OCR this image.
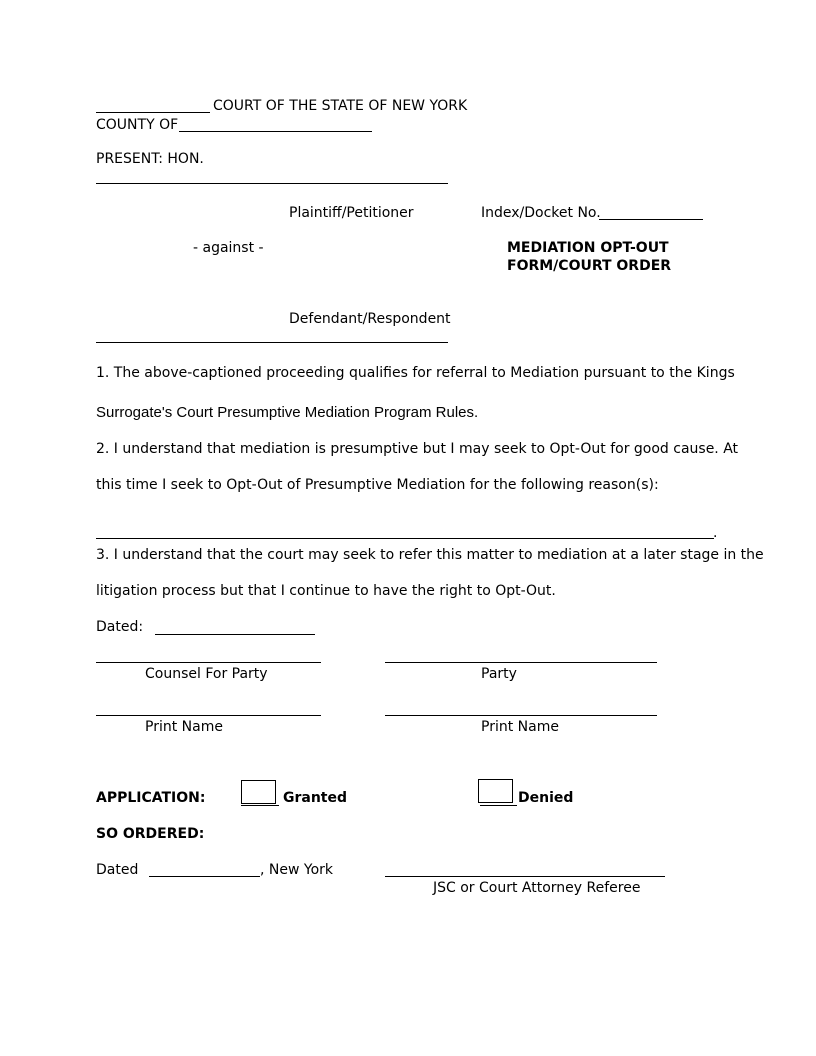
COURT OF THE STATE OF NEW YORK
COUNTY OF
PRESENT: HON.
Plaintiff/Petitioner	Index/Docket No.
- against -	MEDIATION OPT-OUT
FORM/COURT ORDER
Defendant/Respondent
1. The above-captioned proceeding qualifies for referral to Mediation pursuant to the Kings
Surrogate's Court Presumptive Mediation Program Rules.
2. I understand that mediation is presumptive but I may seek to Opt-Out for good cause. At
this time I seek to Opt-Out of Presumptive Mediation for the following reason(s):
.
3. I understand that the court may seek to refer this matter to mediation at a later stage in the
litigation process but that I continue to have the right to Opt-Out.
Dated:
Counsel For Party	Party
Print Name	Print Name
APPLICATION:	Granted	Denied
SO ORDERED:
Dated	, New York
JSC or Court Attorney Referee
